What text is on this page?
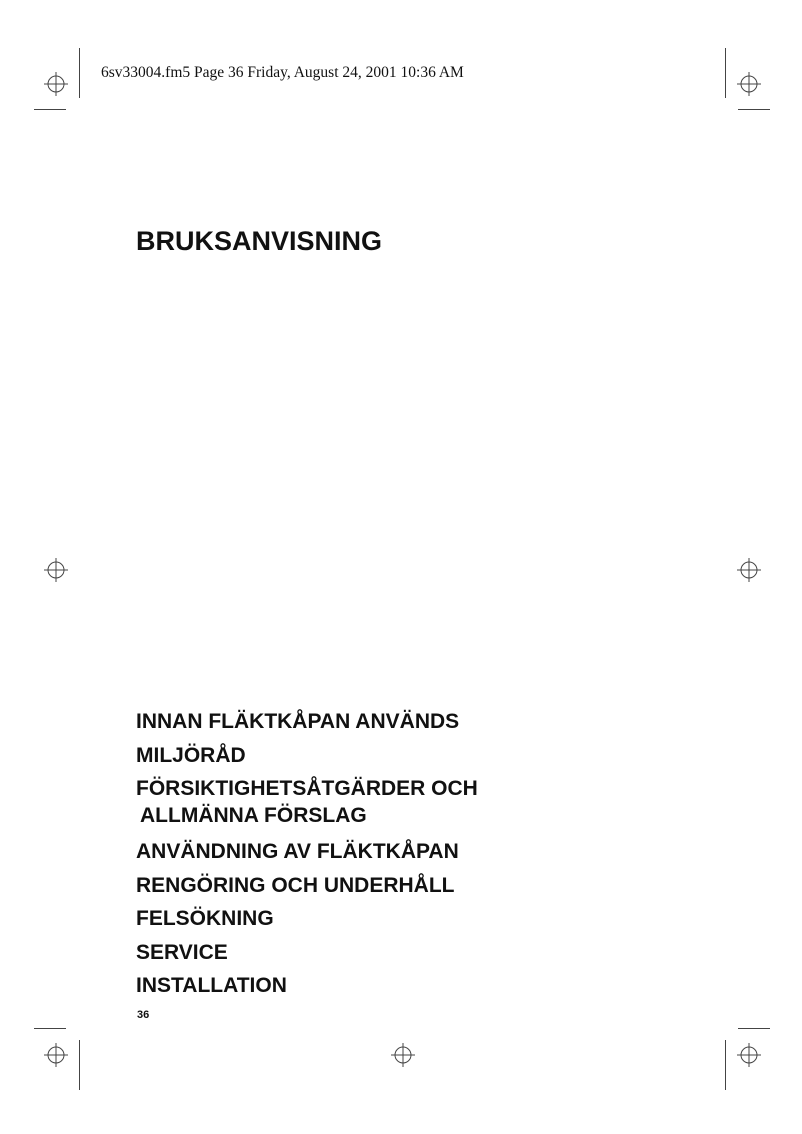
6sv33004.fm5 Page 36 Friday, August 24, 2001 10:36 AM
BRUKSANVISNING
INNAN FLÄKTKÅPAN ANVÄNDS
MILJÖRÅD
FÖRSIKTIGHETSÅTGÄRDER OCH
ALLMÄNNA FÖRSLAG
ANVÄNDNING AV FLÄKTKÅPAN
RENGÖRING OCH UNDERHÅLL
FELSÖKNING
SERVICE
INSTALLATION
36
